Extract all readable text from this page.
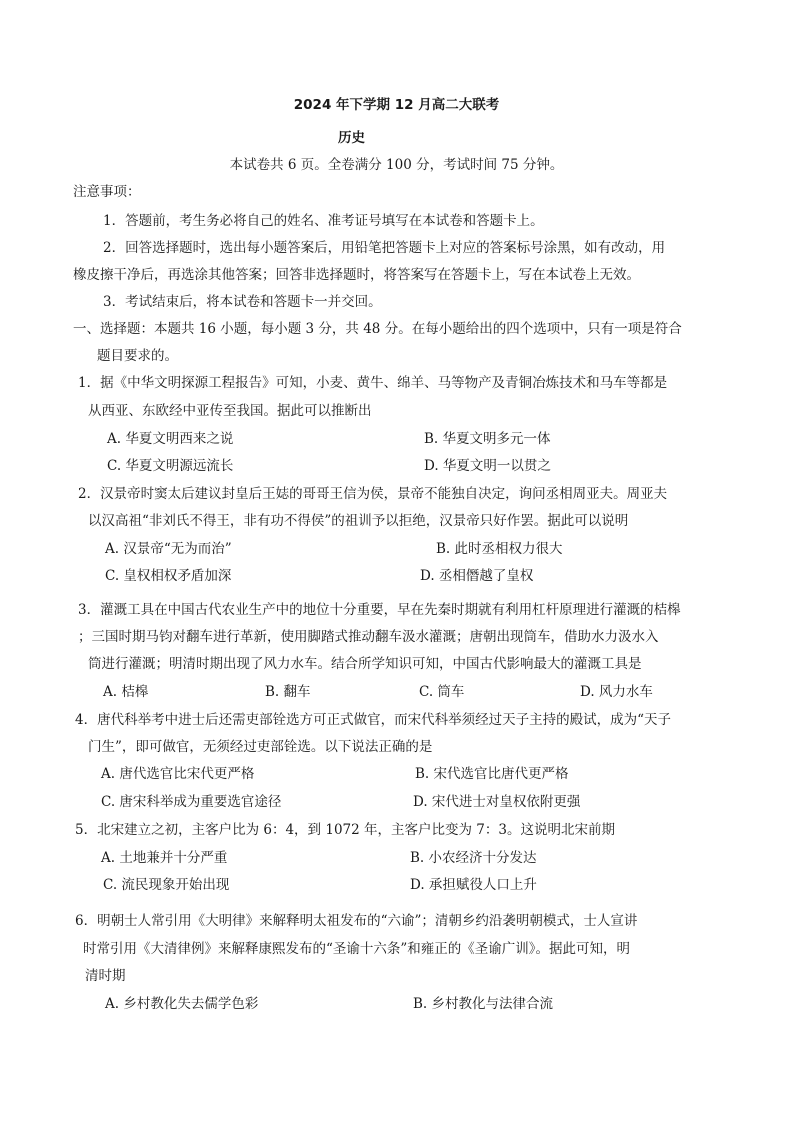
2024 年下学期 12 月高二大联考
历史
本试卷共 6 页。全卷满分 100 分，考试时间 75 分钟。
注意事项：
1．答题前，考生务必将自己的姓名、准考证号填写在本试卷和答题卡上。
2．回答选择题时，选出每小题答案后，用铅笔把答题卡上对应的答案标号涂黑，如有改动，用
橡皮擦干净后，再选涂其他答案；回答非选择题时，将答案写在答题卡上，写在本试卷上无效。
3．考试结束后，将本试卷和答题卡一并交回。
一、选择题：本题共 16 小题，每小题 3 分，共 48 分。在每小题给出的四个选项中，只有一项是符合
题目要求的。
1．据《中华文明探源工程报告》可知，小麦、黄牛、绵羊、马等物产及青铜冶炼技术和马车等都是
从西亚、东欧经中亚传至我国。据此可以推断出
A. 华夏文明西来之说	B. 华夏文明多元一体
C. 华夏文明源远流长	D. 华夏文明一以贯之
2．汉景帝时窦太后建议封皇后王娡的哥哥王信为侯，景帝不能独自决定，询问丞相周亚夫。周亚夫
以汉高祖“非刘氏不得王，非有功不得侯”的祖训予以拒绝，汉景帝只好作罢。据此可以说明
A. 汉景帝“无为而治”	B. 此时丞相权力很大
C. 皇权相权矛盾加深	D. 丞相僭越了皇权
3．灌溉工具在中国古代农业生产中的地位十分重要，早在先秦时期就有利用杠杆原理进行灌溉的桔槔
；三国时期马钧对翻车进行革新，使用脚踏式推动翻车汲水灌溉；唐朝出现筒车，借助水力汲水入
筒进行灌溉；明清时期出现了风力水车。结合所学知识可知，中国古代影响最大的灌溉工具是
A. 桔槔	B. 翻车	C. 筒车	D. 风力水车
4．唐代科举考中进士后还需吏部铨选方可正式做官，而宋代科举须经过天子主持的殿试，成为“天子
门生”，即可做官，无须经过吏部铨选。以下说法正确的是
A. 唐代选官比宋代更严格	B. 宋代选官比唐代更严格
C. 唐宋科举成为重要选官途径	D. 宋代进士对皇权依附更强
5．北宋建立之初，主客户比为 6：4，到 1072 年，主客户比变为 7：3。这说明北宋前期
A. 土地兼并十分严重	B. 小农经济十分发达
C. 流民现象开始出现	D. 承担赋役人口上升
6．明朝士人常引用《大明律》来解释明太祖发布的“六谕”；清朝乡约沿袭明朝模式，士人宣讲
时常引用《大清律例》来解释康熙发布的“圣谕十六条”和雍正的《圣谕广训》。据此可知，明
清时期
A. 乡村教化失去儒学色彩	B. 乡村教化与法律合流
